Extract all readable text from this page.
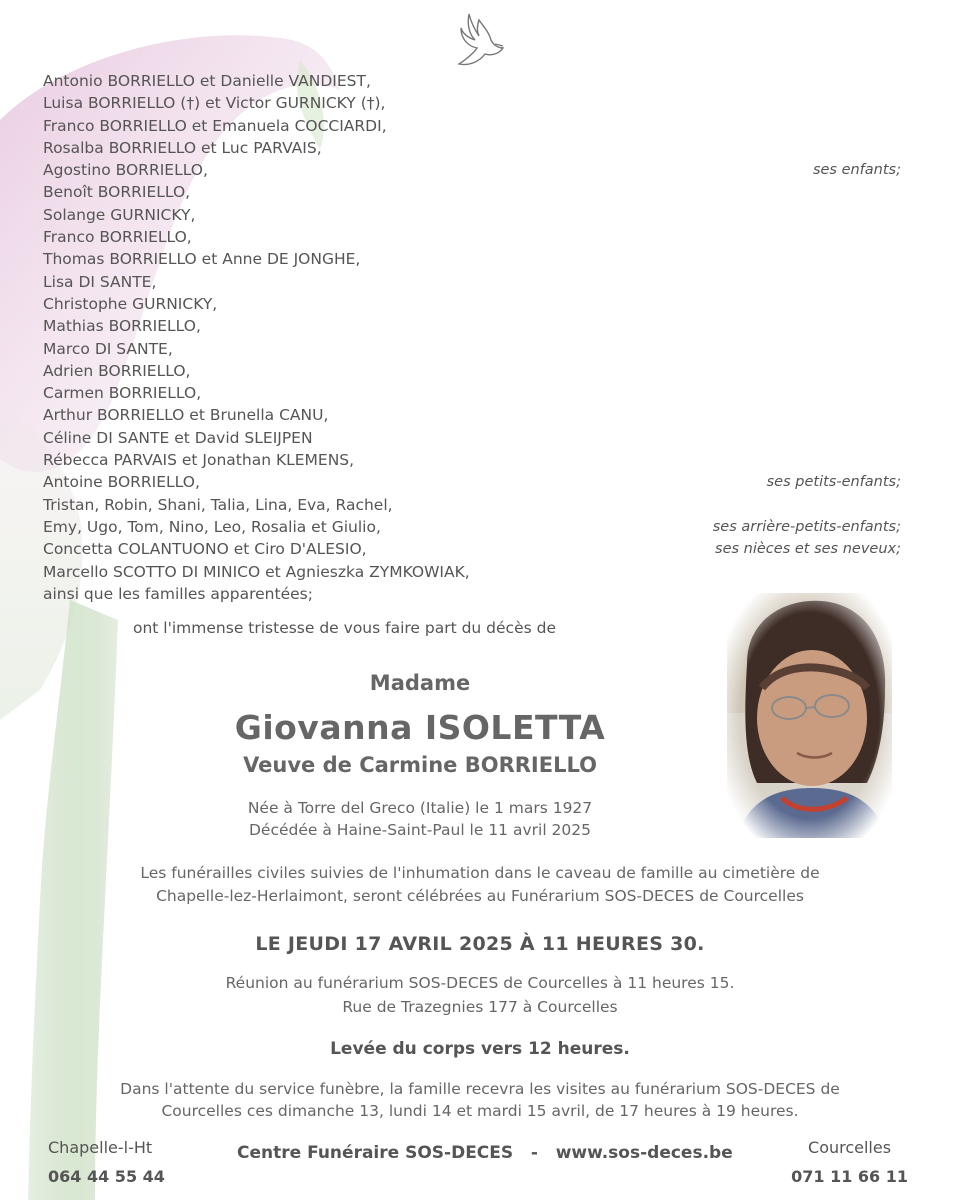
Antonio BORRIELLO et Danielle VANDIEST,
Luisa BORRIELLO (†) et Victor GURNICKY (†),
Franco BORRIELLO et Emanuela COCCIARDI,
Rosalba BORRIELLO et Luc PARVAIS,
Agostino BORRIELLO,	ses enfants;
Benoît BORRIELLO,
Solange GURNICKY,
Franco BORRIELLO,
Thomas BORRIELLO et Anne DE JONGHE,
Lisa DI SANTE,
Christophe GURNICKY,
Mathias BORRIELLO,
Marco DI SANTE,
Adrien BORRIELLO,
Carmen BORRIELLO,
Arthur BORRIELLO et Brunella CANU,
Céline DI SANTE et David SLEIJPEN
Rébecca PARVAIS et Jonathan KLEMENS,
Antoine BORRIELLO,	ses petits-enfants;
Tristan, Robin, Shani, Talia, Lina, Eva, Rachel,
Emy, Ugo, Tom, Nino, Leo, Rosalia et Giulio,	ses arrière-petits-enfants;
Concetta COLANTUONO et Ciro D'ALESIO,	ses nièces et ses neveux;
Marcello SCOTTO DI MINICO et Agnieszka ZYMKOWIAK,
ainsi que les familles apparentées;
ont l'immense tristesse de vous faire part du décès de
Madame
Giovanna ISOLETTA
Veuve de Carmine BORRIELLO
Née à Torre del Greco (Italie) le 1 mars 1927
Décédée à Haine-Saint-Paul le 11 avril 2025
Les funérailles civiles suivies de l'inhumation dans le caveau de famille au cimetière de
Chapelle-lez-Herlaimont, seront célébrées au Funérarium SOS-DECES de Courcelles
LE JEUDI 17 AVRIL 2025 À 11 HEURES 30.
Réunion au funérarium SOS-DECES de Courcelles à 11 heures 15.
Rue de Trazegnies 177 à Courcelles
Levée du corps vers 12 heures.
Dans l'attente du service funèbre, la famille recevra les visites au funérarium SOS-DECES de
Courcelles ces dimanche 13, lundi 14 et mardi 15 avril, de 17 heures à 19 heures.
Chapelle-l-Ht
064 44 55 44
Centre Funéraire SOS-DECES   -   www.sos-deces.be	Courcelles
071 11 66 11
